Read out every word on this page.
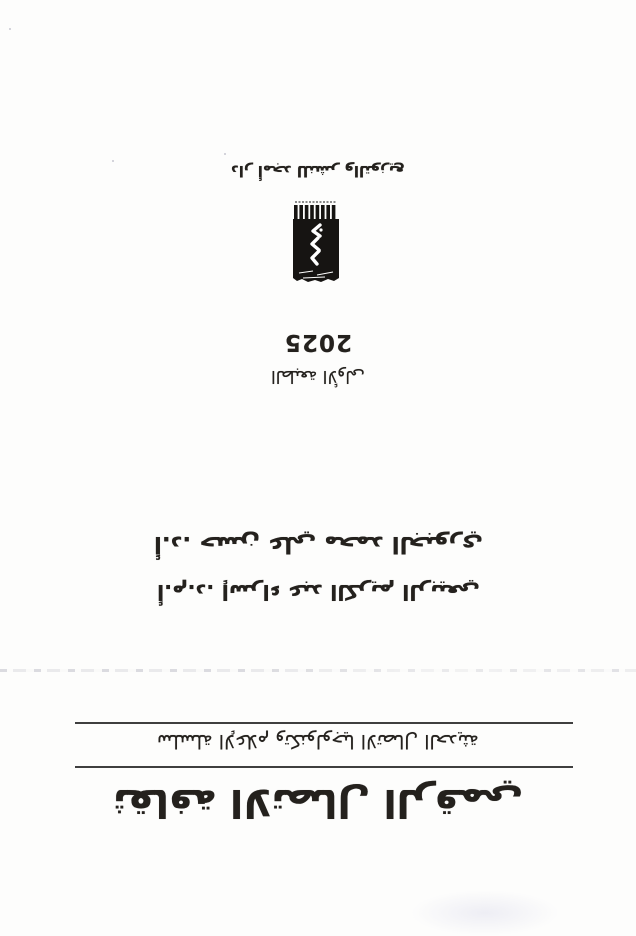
دار أمجد للنشر والتوزيع
2025
الطبعة الأولى
أ.د. حسن علي محمد الجبوري
أ.م.د. إسراء عبد الكريم الربيعي
سلسلة الإعلام وتكنولوجيا الاتصال الحديثة
ثقافة الاتصال الرقمي
